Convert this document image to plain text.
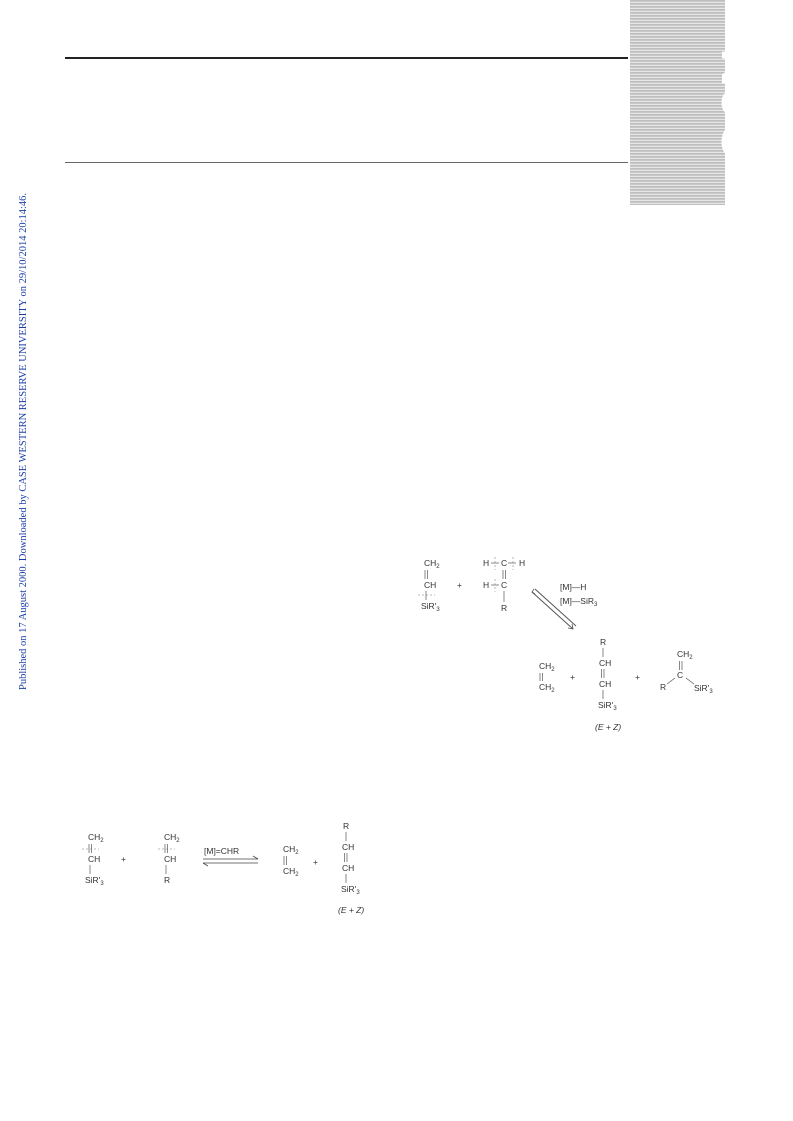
Published on 17 August 2000. Downloaded by CASE WESTERN RESERVE UNIVERSITY on 29/10/2014 20:14:46.
NJC
$CH_2$
CH
$SiR'_3$
+
$CH_2$
CH
R
[M]=CHR	$CH_2$
$CH_2$
+
R
CH
CH
$SiR'_3$
(E + Z)
$CH_2$
CH
$SiR'_3$
+
H C H
H C
R
[M]—H
[M]—SiR$_3$
$CH_2$
$CH_2$
+
R
CH
CH
$SiR'_3$
(E + Z)
+
$CH_2$
C
R	$SiR'_3$
